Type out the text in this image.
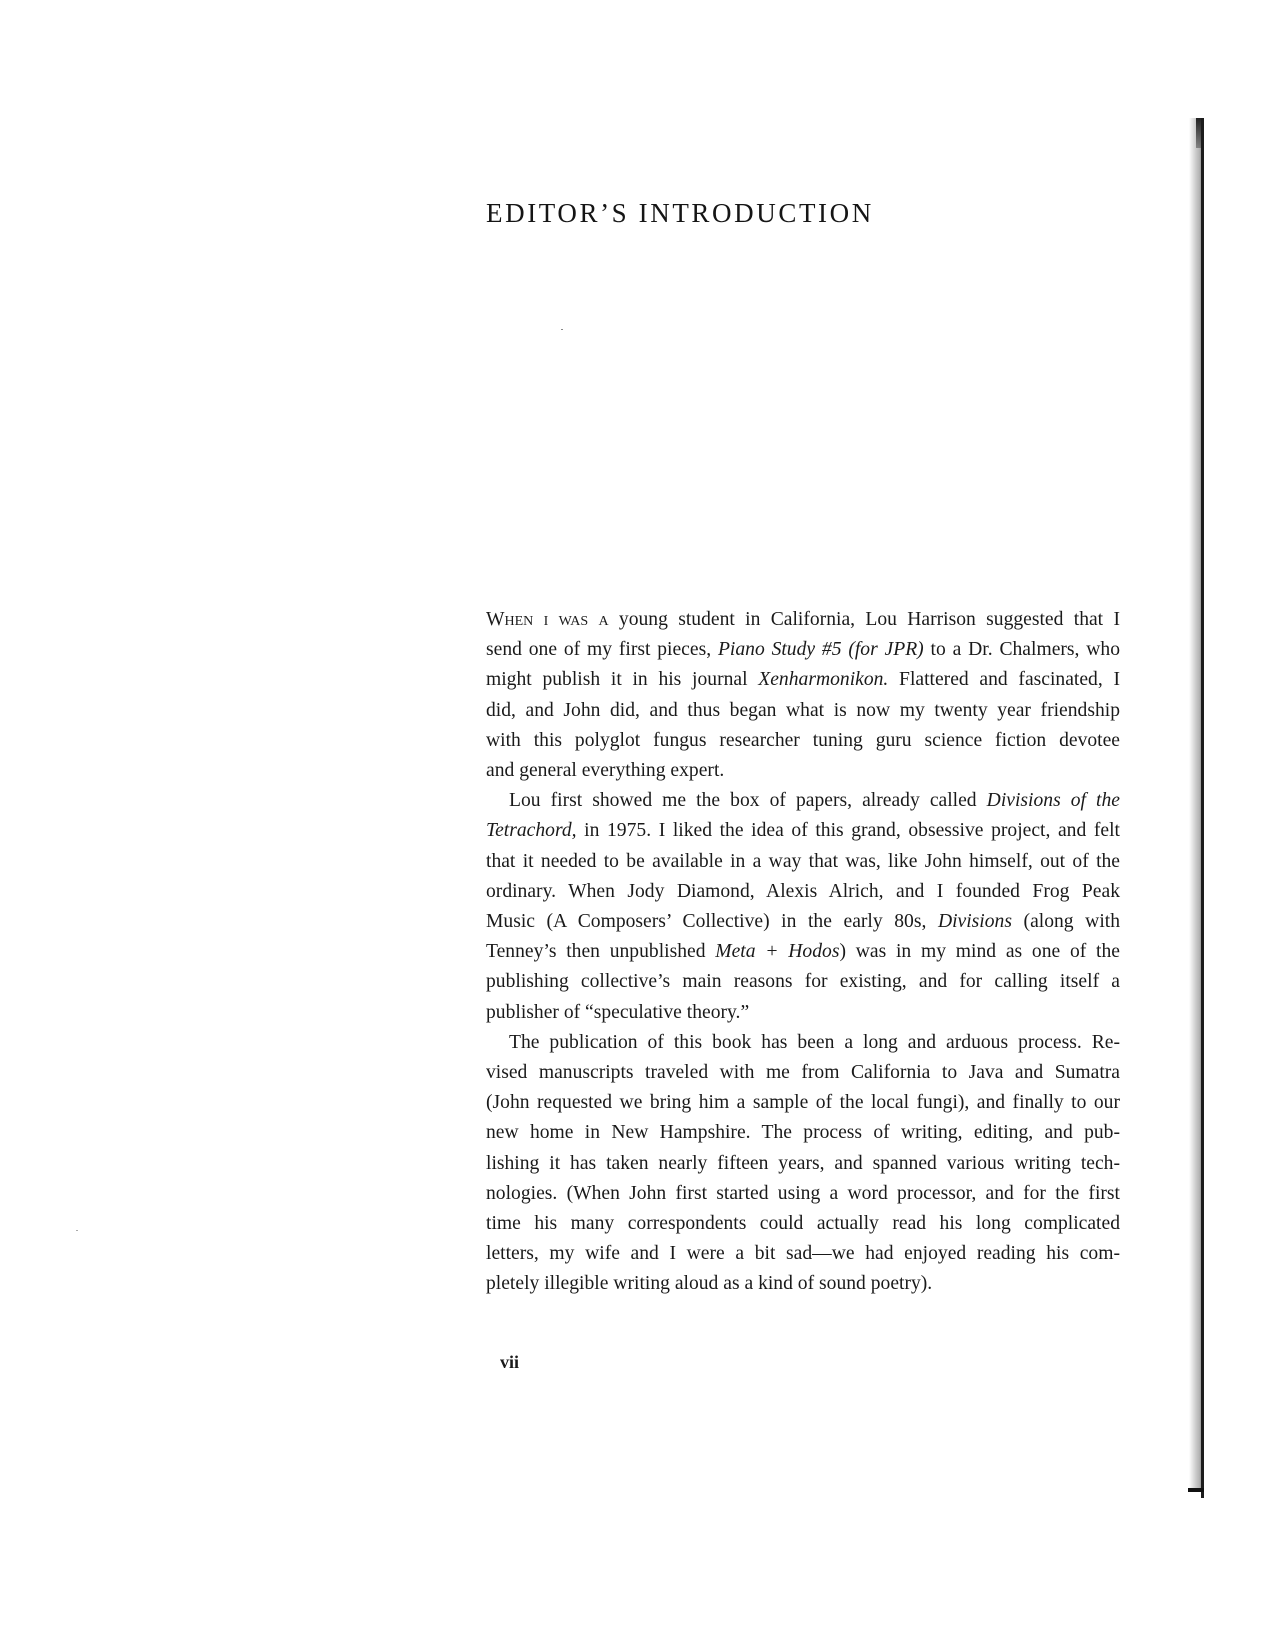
EDITOR’S INTRODUCTION

When i was a young student in California, Lou Harrison suggested that I
send one of my first pieces, Piano Study #5 (for JPR) to a Dr. Chalmers, who
might publish it in his journal Xenharmonikon. Flattered and fascinated, I
did, and John did, and thus began what is now my twenty year friendship
with this polyglot fungus researcher tuning guru science fiction devotee
and general everything expert.

Lou first showed me the box of papers, already called Divisions of the
Tetrachord, in 1975. I liked the idea of this grand, obsessive project, and felt
that it needed to be available in a way that was, like John himself, out of the
ordinary. When Jody Diamond, Alexis Alrich, and I founded Frog Peak
Music (A Composers’ Collective) in the early 80s, Divisions (along with
Tenney’s then unpublished Meta + Hodos) was in my mind as one of the
publishing collective’s main reasons for existing, and for calling itself a
publisher of “speculative theory.”

The publication of this book has been a long and arduous process. Re-
vised manuscripts traveled with me from California to Java and Sumatra
(John requested we bring him a sample of the local fungi), and finally to our
new home in New Hampshire. The process of writing, editing, and pub-
lishing it has taken nearly fifteen years, and spanned various writing tech-
nologies. (When John first started using a word processor, and for the first
time his many correspondents could actually read his long complicated
letters, my wife and I were a bit sad—we had enjoyed reading his com-
pletely illegible writing aloud as a kind of sound poetry).

vii
